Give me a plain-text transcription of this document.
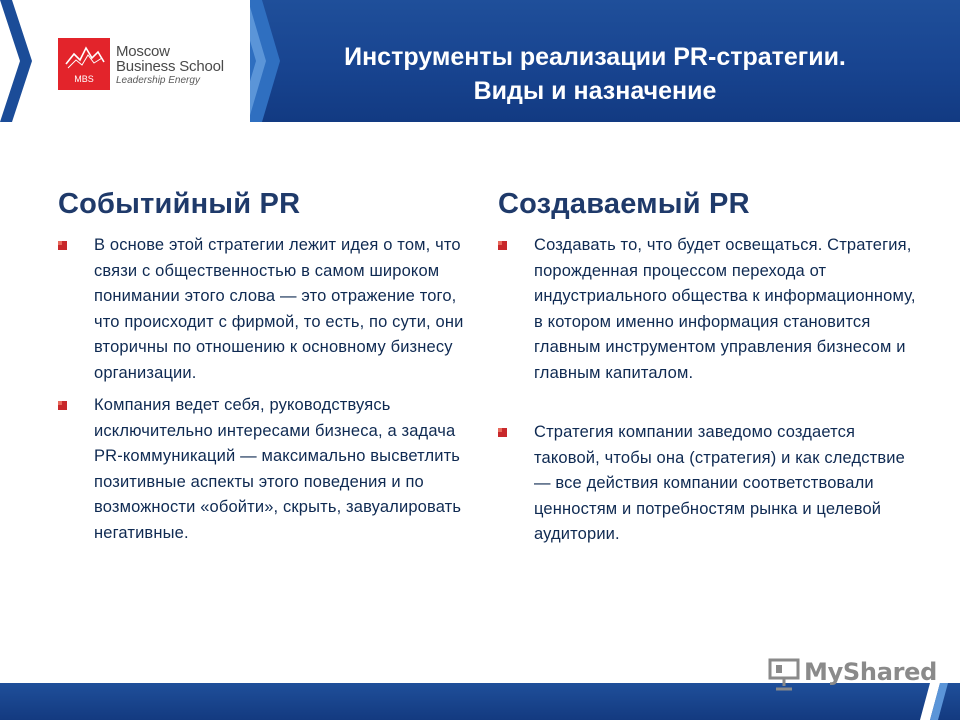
MBS
Moscow
Business School
Leadership Energy
Инструменты реализации PR-стратегии.
Виды и назначение
Событийный PR
В основе этой стратегии лежит идея о том, что связи с общественностью в самом широком понимании этого слова — это отражение того, что происходит с фирмой, то есть, по сути, они вторичны по отношению к основному бизнесу организации.
Компания ведет себя, руководствуясь исключительно интересами бизнеса, а задача PR-коммуникаций — максимально высветлить позитивные аспекты этого поведения и по возможности «обойти», скрыть, завуалировать негативные.
Создаваемый PR
Создавать то, что будет освещаться. Стратегия, порожденная процессом перехода от индустриального общества к информационному, в котором именно информация становится главным инструментом управления бизнесом и главным капиталом.
Стратегия компании заведомо создается таковой, чтобы она (стратегия) и как следствие — все действия компании соответствовали ценностям и потребностям рынка и целевой аудитории.
MyShared
